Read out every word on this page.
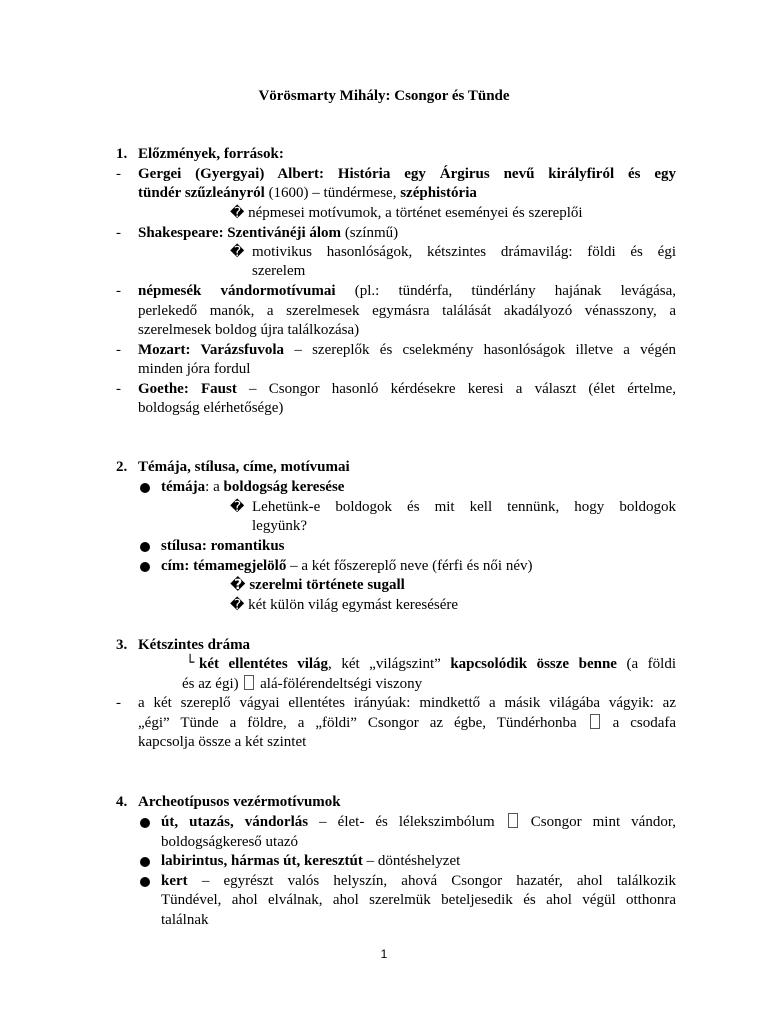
Vörösmarty Mihály: Csongor és Tünde
1. Előzmények, források:
- Gergei (Gyergyai) Albert: História egy Árgirus nevű királyfiról és egy
tündér szűzleányról (1600) – tündérmese, széphistória
� népmesei motívumok, a történet eseményei és szereplői
- Shakespeare: Szentivánéji álom (színmű)
� motivikus hasonlóságok, kétszintes drámavilág: földi és égi
szerelem
- népmesék vándormotívumai (pl.: tündérfa, tündérlány hajának levágása,
perlekedő manók, a szerelmesek egymásra találását akadályozó vénasszony, a
szerelmesek boldog újra találkozása)
- Mozart: Varázsfuvola – szereplők és cselekmény hasonlóságok illetve a végén
minden jóra fordul
- Goethe: Faust – Csongor hasonló kérdésekre keresi a választ (élet értelme,
boldogság elérhetősége)
2. Témája, stílusa, címe, motívumai
témája: a boldogság keresése
� Lehetünk-e boldogok és mit kell tennünk, hogy boldogok
legyünk?
stílusa: romantikus
cím: témamegjelölő – a két főszereplő neve (férfi és női név)
� szerelmi története sugall
� két külön világ egymást keresésére
3. Kétszintes dráma
└ két ellentétes világ, két „világszint” kapcsolódik össze benne (a földi
és az égi)  alá-fölérendeltségi viszony
- a két szereplő vágyai ellentétes irányúak: mindkettő a másik világába vágyik: az
„égi” Tünde a földre, a „földi” Csongor az égbe, Tündérhonba a csodafa
kapcsolja össze a két szintet
4. Archeotípusos vezérmotívumok
út, utazás, vándorlás – élet- és lélekszimbólum  Csongor mint vándor,
boldogságkereső utazó
labirintus, hármas út, keresztút – döntéshelyzet
kert – egyrészt valós helyszín, ahová Csongor hazatér, ahol találkozik
Tündével, ahol elválnak, ahol szerelmük beteljesedik és ahol végül otthonra
találnak
1
